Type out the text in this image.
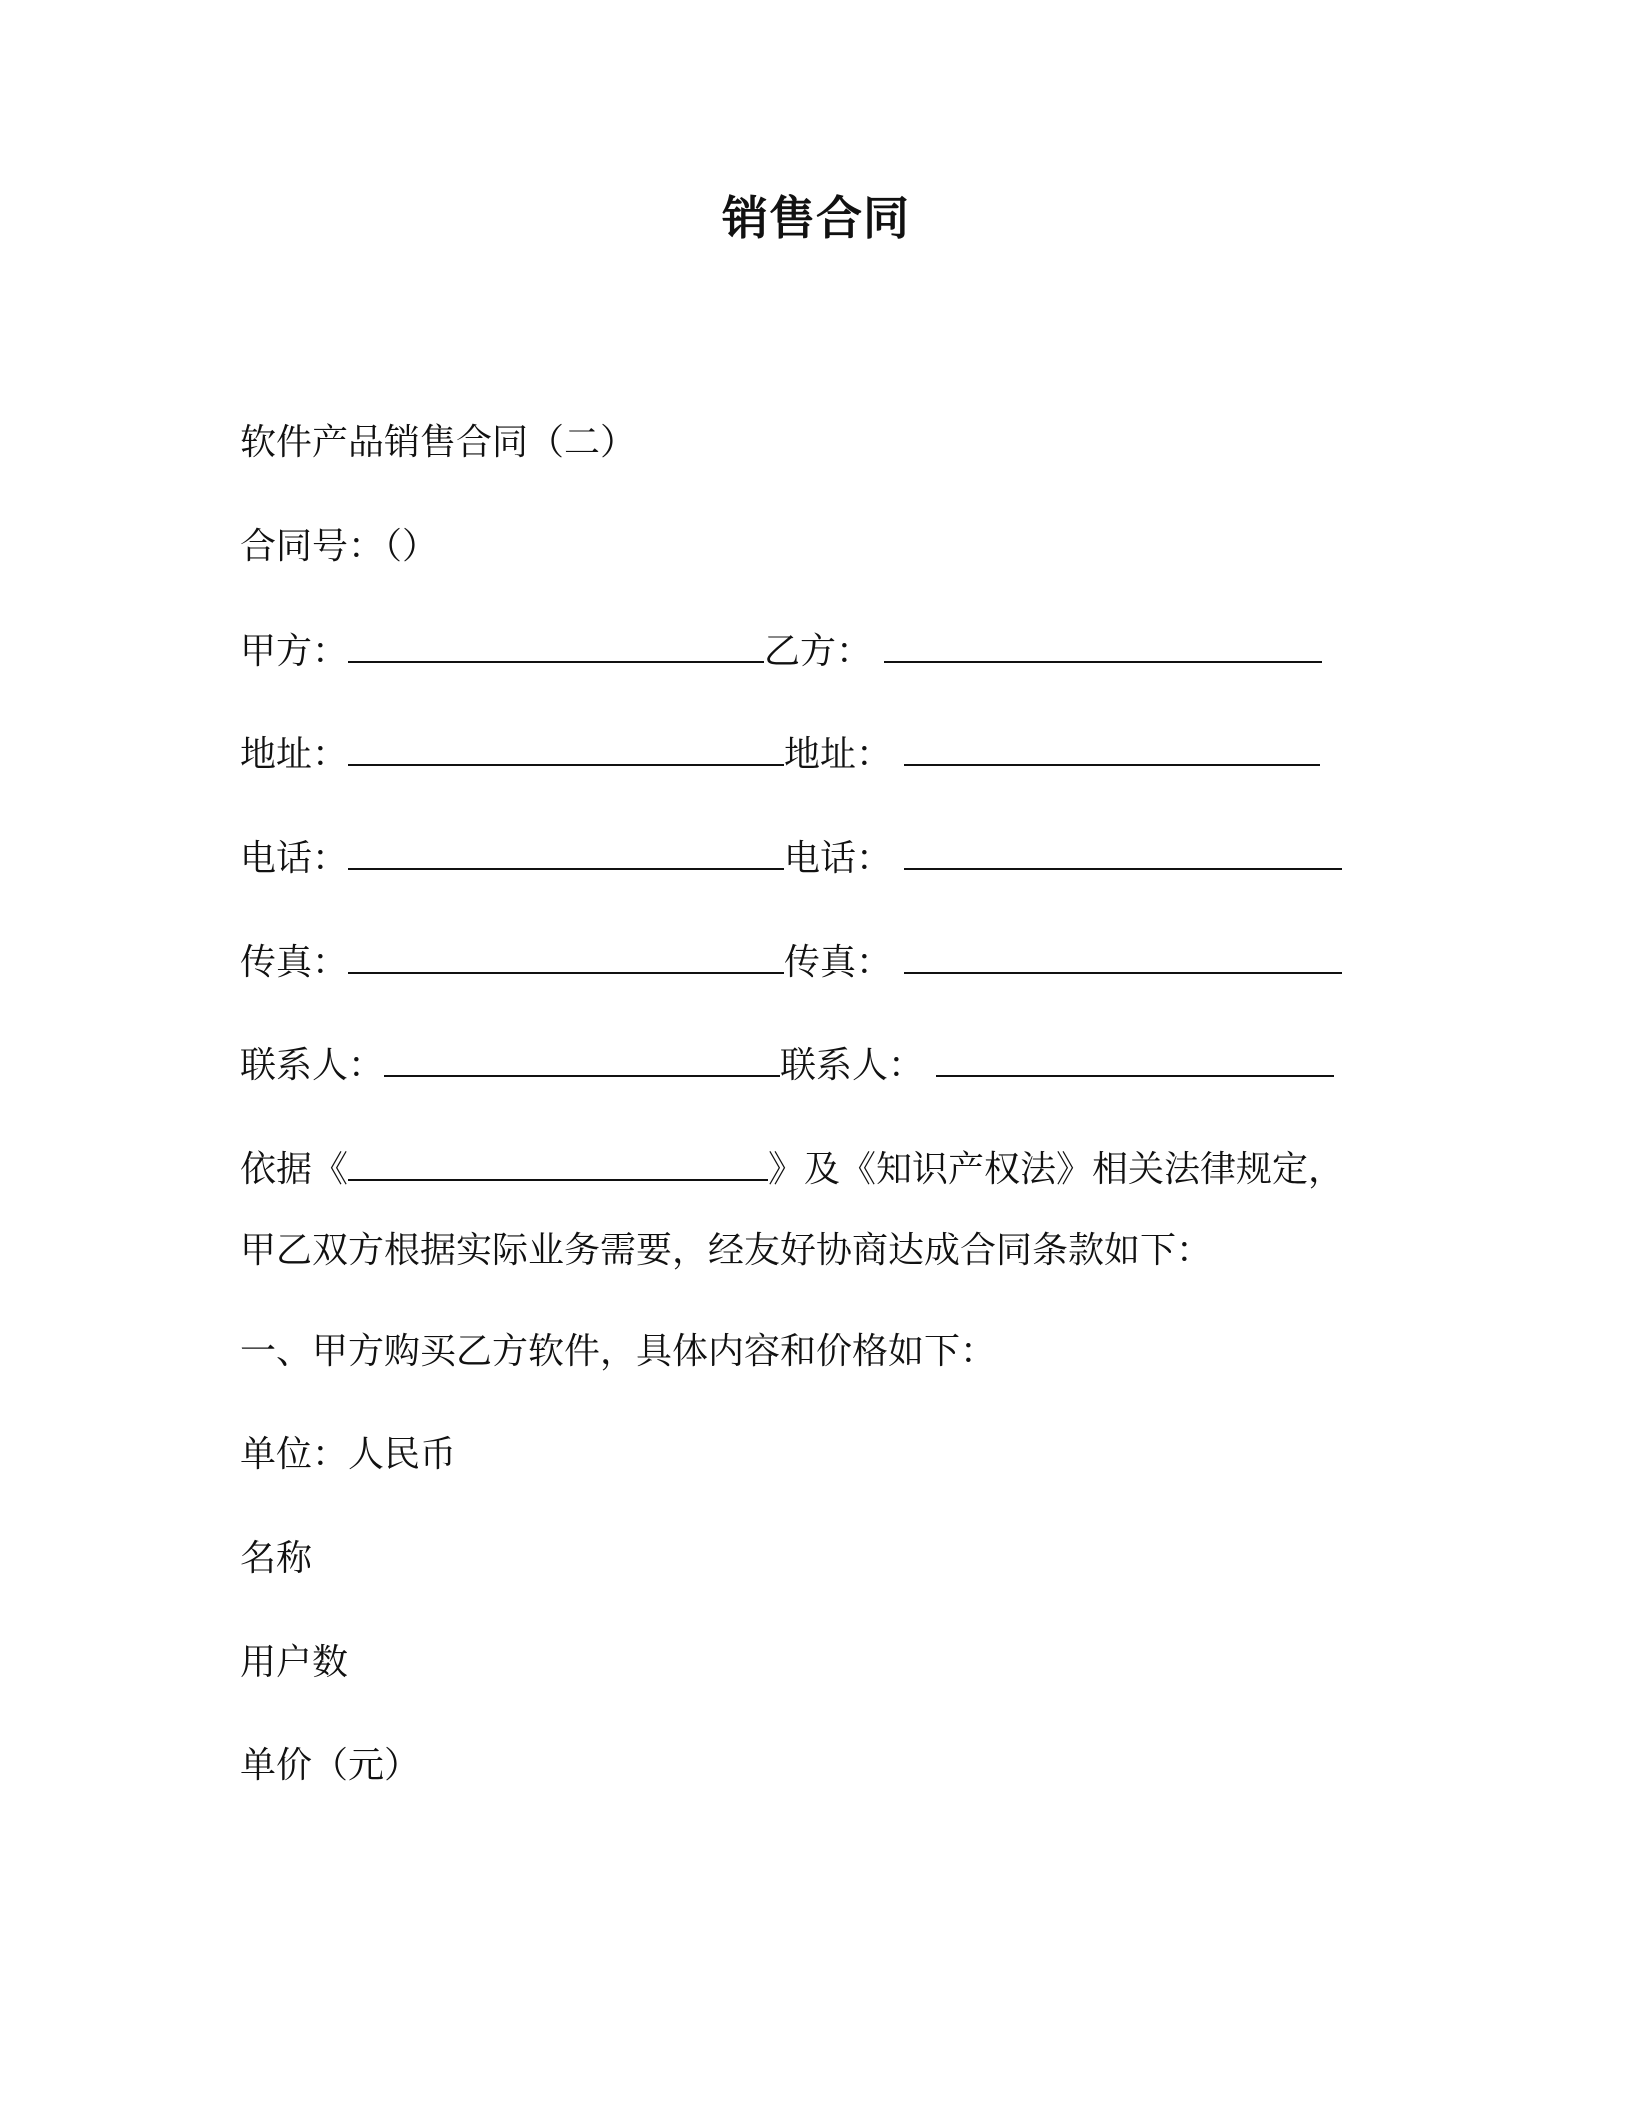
销售合同
软件产品销售合同（二）
合同号：（）
甲方：	乙方：
地址：	地址：
电话：	电话：
传真：	传真：
联系人：	联系人：
依据《	》及《知识产权法》相关法律规定，
甲乙双方根据实际业务需要，经友好协商达成合同条款如下：
一、甲方购买乙方软件，具体内容和价格如下：
单位：人民币
名称
用户数
单价（元）
